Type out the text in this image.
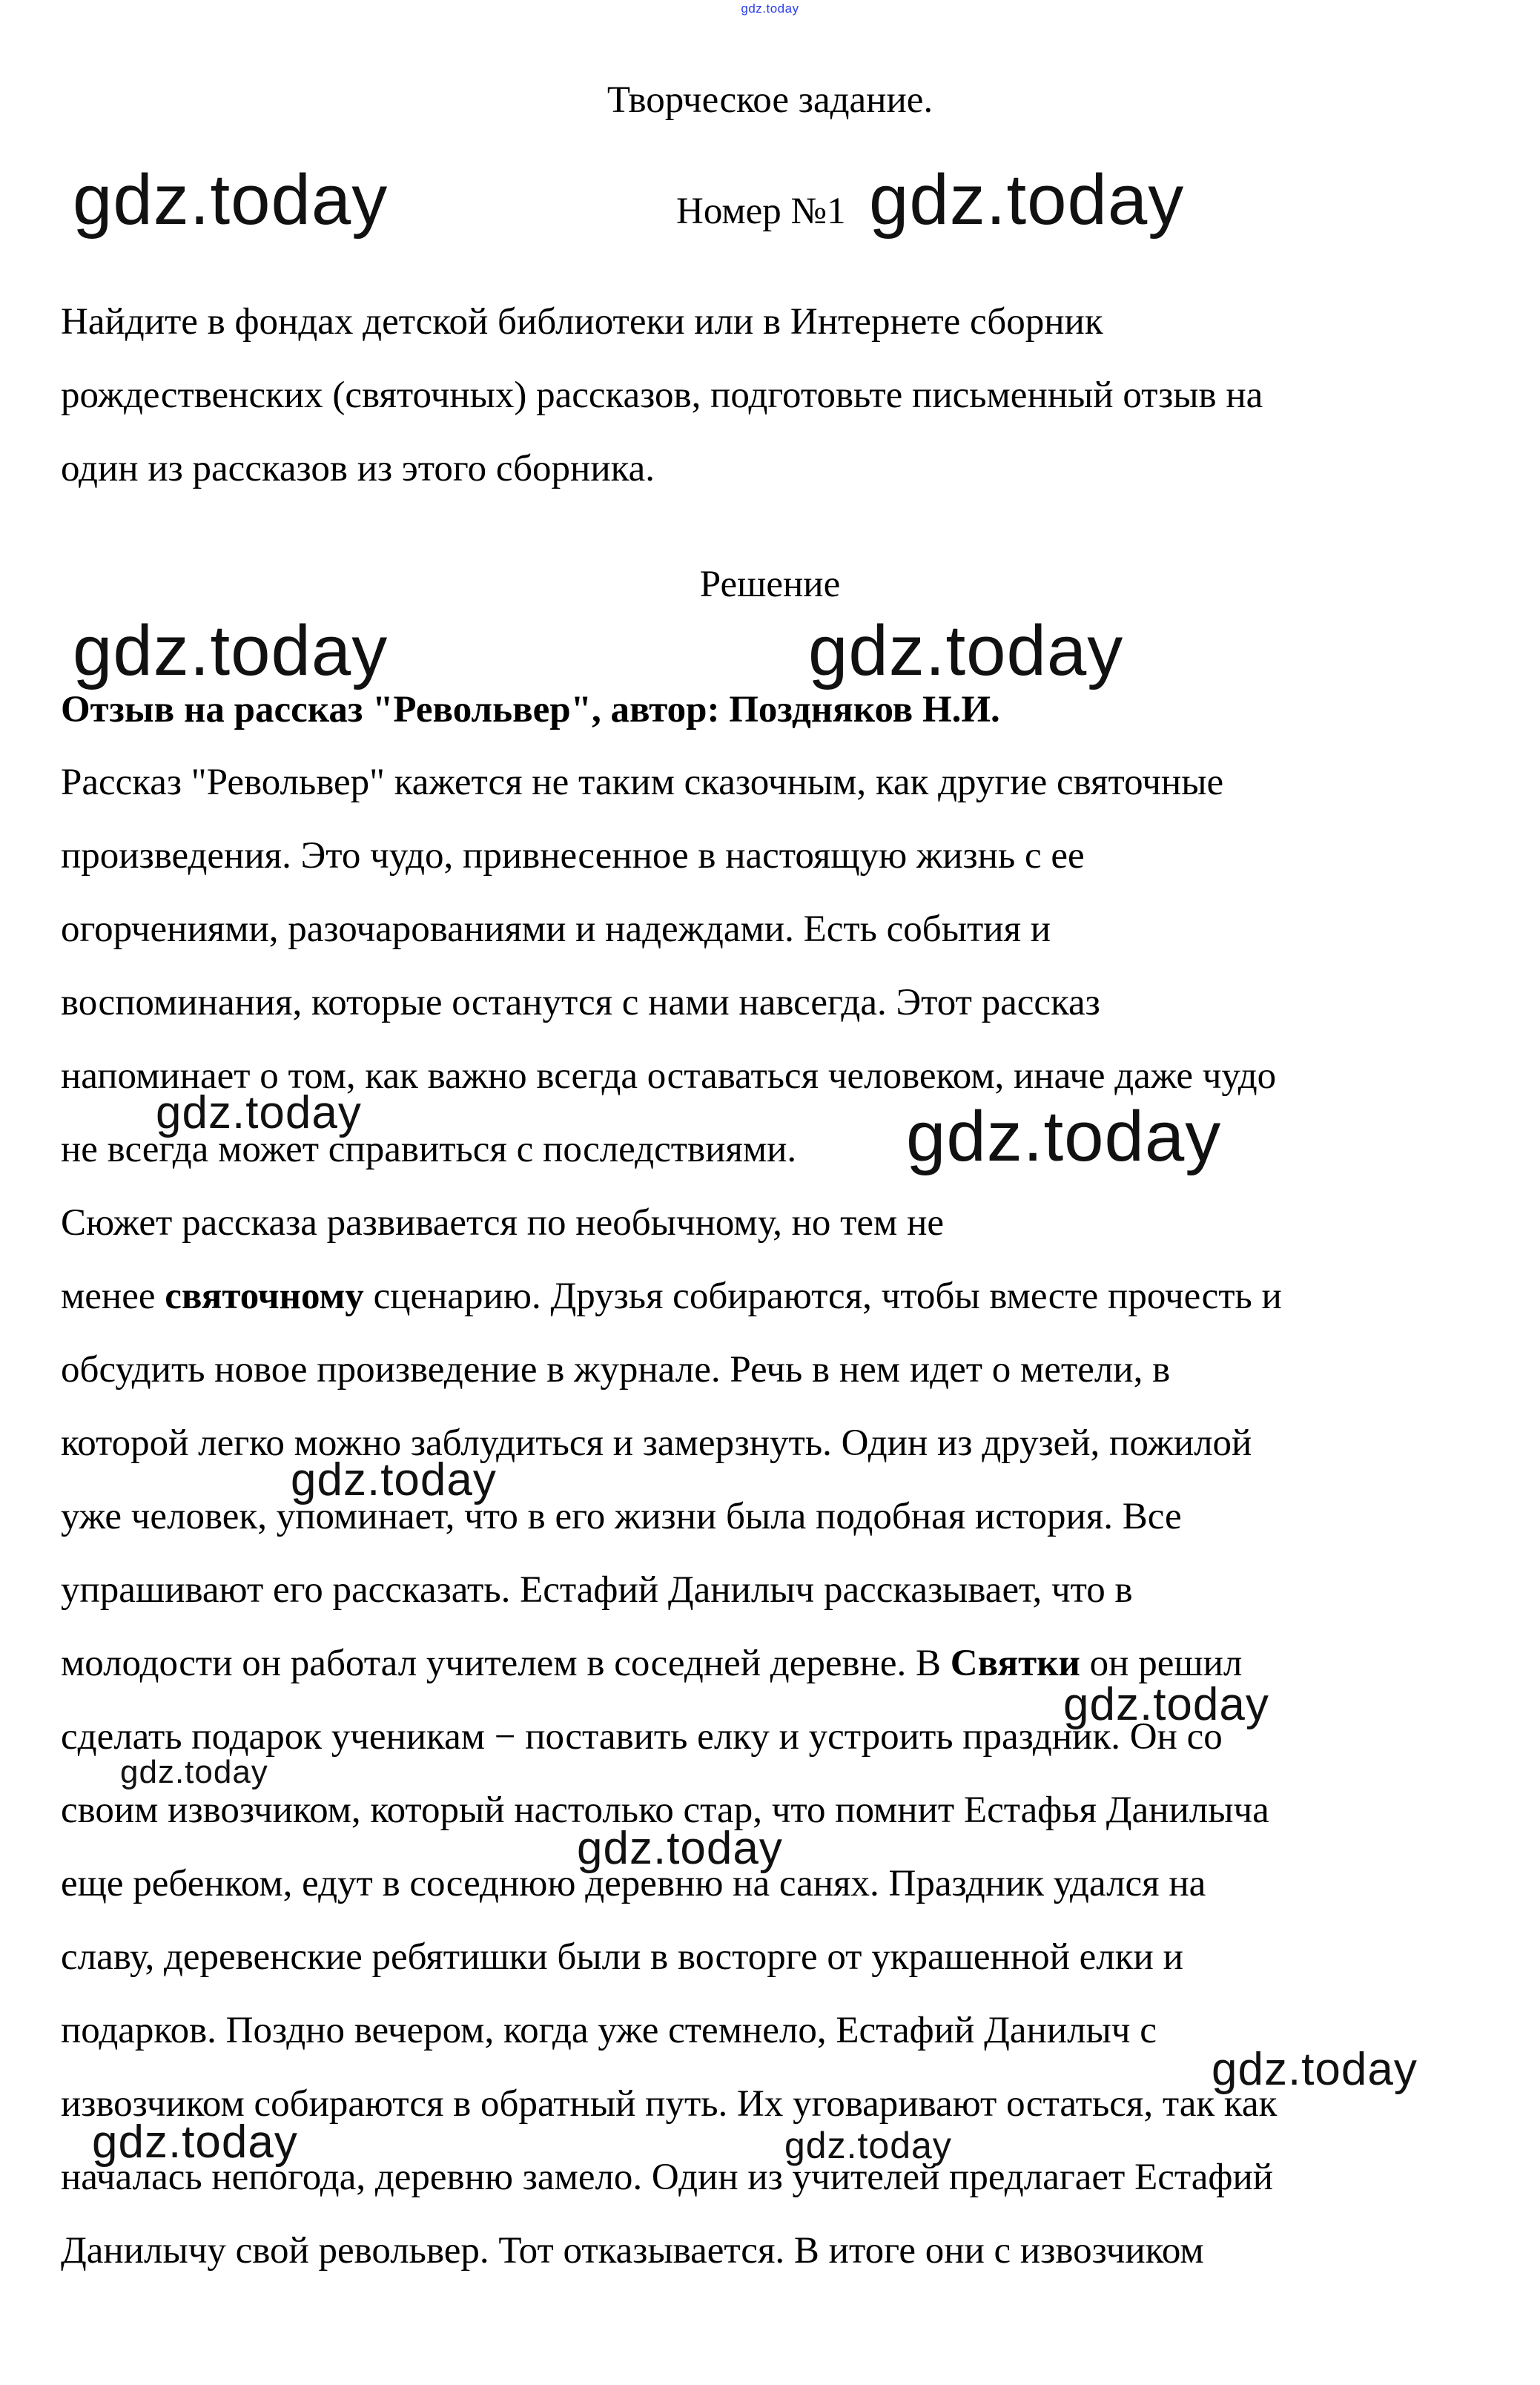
gdz.today
Творческое задание.
Номер №1
Найдите в фондах детской библиотеки или в Интернете сборник
рождественских (святочных) рассказов, подготовьте письменный отзыв на
один из рассказов из этого сборника.
Решение
Отзыв на рассказ "Револьвер", автор: Поздняков Н.И.
Рассказ "Револьвер" кажется не таким сказочным, как другие святочные
произведения. Это чудо, привнесенное в настоящую жизнь с ее
огорчениями, разочарованиями и надеждами. Есть события и
воспоминания, которые останутся с нами навсегда. Этот рассказ
напоминает о том, как важно всегда оставаться человеком, иначе даже чудо
не всегда может справиться с последствиями.
Сюжет рассказа развивается по необычному, но тем не
менее святочному сценарию. Друзья собираются, чтобы вместе прочесть и
обсудить новое произведение в журнале. Речь в нем идет о метели, в
которой легко можно заблудиться и замерзнуть. Один из друзей, пожилой
уже человек, упоминает, что в его жизни была подобная история. Все
упрашивают его рассказать. Естафий Данилыч рассказывает, что в
молодости он работал учителем в соседней деревне. В Святки он решил
сделать подарок ученикам − поставить елку и устроить праздник. Он со
своим извозчиком, который настолько стар, что помнит Естафья Данилыча
еще ребенком, едут в соседнюю деревню на санях. Праздник удался на
славу, деревенские ребятишки были в восторге от украшенной елки и
подарков. Поздно вечером, когда уже стемнело, Естафий Данилыч с
извозчиком собираются в обратный путь. Их уговаривают остаться, так как
началась непогода, деревню замело. Один из учителей предлагает Естафий
Данилычу свой револьвер. Тот отказывается. В итоге они с извозчиком
gdz.today	gdz.today
gdz.today	gdz.today
gdz.today	gdz.today
gdz.today
gdz.today
gdz.today
gdz.today
gdz.today
gdz.today	gdz.today
